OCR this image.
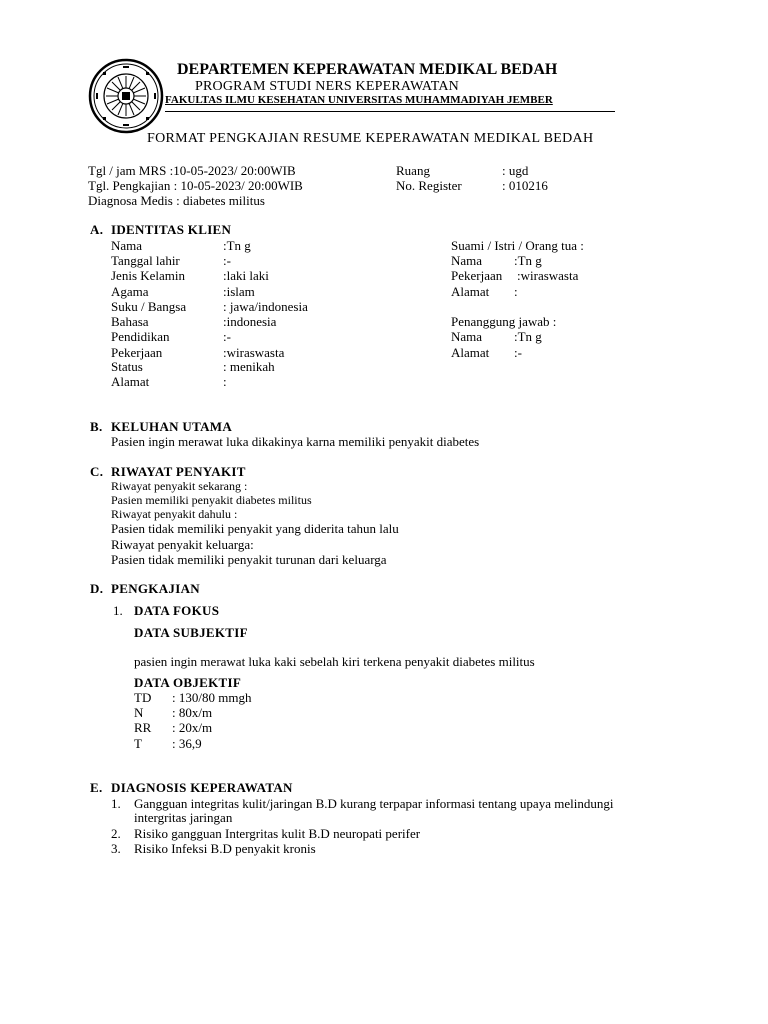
DEPARTEMEN KEPERAWATAN MEDIKAL BEDAH
PROGRAM STUDI NERS KEPERAWATAN
FAKULTAS ILMU KESEHATAN UNIVERSITAS MUHAMMADIYAH JEMBER
FORMAT PENGKAJIAN RESUME KEPERAWATAN MEDIKAL BEDAH
Tgl / jam MRS :10-05-2023/ 20:00WIB
Tgl. Pengkajian : 10-05-2023/ 20:00WIB
Diagnosa Medis : diabetes militus
Ruang	: ugd
No. Register	: 010216
A. IDENTITAS KLIEN
Nama	:Tn g
Tanggal lahir	:-
Jenis Kelamin	:laki laki
Agama	:islam
Suku / Bangsa	: jawa/indonesia
Bahasa	:indonesia
Pendidikan	:-
Pekerjaan	:wiraswasta
Status	: menikah
Alamat	:
Suami / Istri / Orang tua :
Nama :Tn g
Pekerjaan :wiraswasta
Alamat :
Penanggung jawab :
Nama :Tn g
Alamat :-
B. KELUHAN UTAMA
Pasien ingin merawat luka dikakinya karna memiliki penyakit diabetes
C. RIWAYAT PENYAKIT
Riwayat penyakit sekarang :
Pasien memiliki penyakit diabetes militus
Riwayat penyakit dahulu :
Pasien tidak memiliki penyakit yang diderita tahun lalu
Riwayat penyakit keluarga:
Pasien tidak memiliki penyakit turunan dari keluarga
D. PENGKAJIAN
1. DATA FOKUS
DATA SUBJEKTIF
pasien ingin merawat luka kaki sebelah kiri terkena penyakit diabetes militus
DATA OBJEKTIF
TD : 130/80 mmgh
N : 80x/m
RR : 20x/m
T : 36,9
E. DIAGNOSIS KEPERAWATAN
1. Gangguan integritas kulit/jaringan B.D kurang terpapar informasi tentang upaya melindungi
intergritas jaringan
2. Risiko gangguan Intergritas kulit B.D neuropati perifer
3. Risiko Infeksi B.D penyakit kronis
